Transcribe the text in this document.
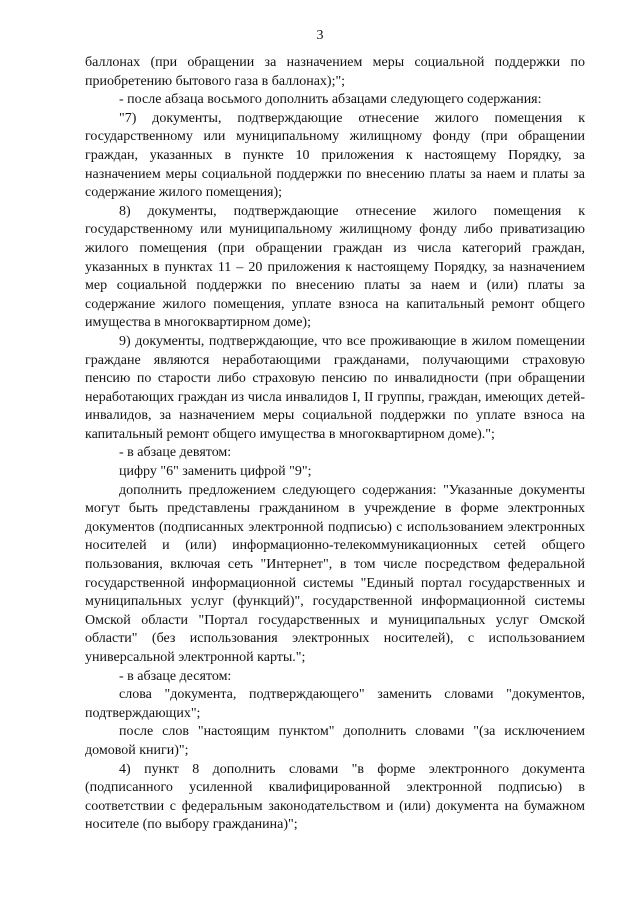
3

баллонах (при обращении за назначением меры социальной поддержки по приобретению бытового газа в баллонах);";

- после абзаца восьмого дополнить абзацами следующего содержания:

"7) документы, подтверждающие отнесение жилого помещения к государственному или муниципальному жилищному фонду (при обращении граждан, указанных в пункте 10 приложения к настоящему Порядку, за назначением меры социальной поддержки по внесению платы за наем и платы за содержание жилого помещения);

8) документы, подтверждающие отнесение жилого помещения к государственному или муниципальному жилищному фонду либо приватизацию жилого помещения (при обращении граждан из числа категорий граждан, указанных в пунктах 11 – 20 приложения к настоящему Порядку, за назначением мер социальной поддержки по внесению платы за наем и (или) платы за содержание жилого помещения, уплате взноса на капитальный ремонт общего имущества в многоквартирном доме);

9) документы, подтверждающие, что все проживающие в жилом помещении граждане являются неработающими гражданами, получающими страховую пенсию по старости либо страховую пенсию по инвалидности (при обращении неработающих граждан из числа инвалидов I, II группы, граждан, имеющих детей-инвалидов, за назначением меры социальной поддержки по уплате взноса на капитальный ремонт общего имущества в многоквартирном доме).";

- в абзаце девятом:

цифру "6" заменить цифрой "9";

дополнить предложением следующего содержания: "Указанные документы могут быть представлены гражданином в учреждение в форме электронных документов (подписанных электронной подписью) с использованием электронных носителей и (или) информационно-телекоммуникационных сетей общего пользования, включая сеть "Интернет", в том числе посредством федеральной государственной информационной системы "Единый портал государственных и муниципальных услуг (функций)", государственной информационной системы Омской области "Портал государственных и муниципальных услуг Омской области" (без использования электронных носителей), с использованием универсальной электронной карты.";

- в абзаце десятом:

слова "документа, подтверждающего" заменить словами "документов, подтверждающих";

после слов "настоящим пунктом" дополнить словами "(за исключением домовой книги)";

4) пункт 8 дополнить словами "в форме электронного документа (подписанного усиленной квалифицированной электронной подписью) в соответствии с федеральным законодательством и (или) документа на бумажном носителе (по выбору гражданина)";
